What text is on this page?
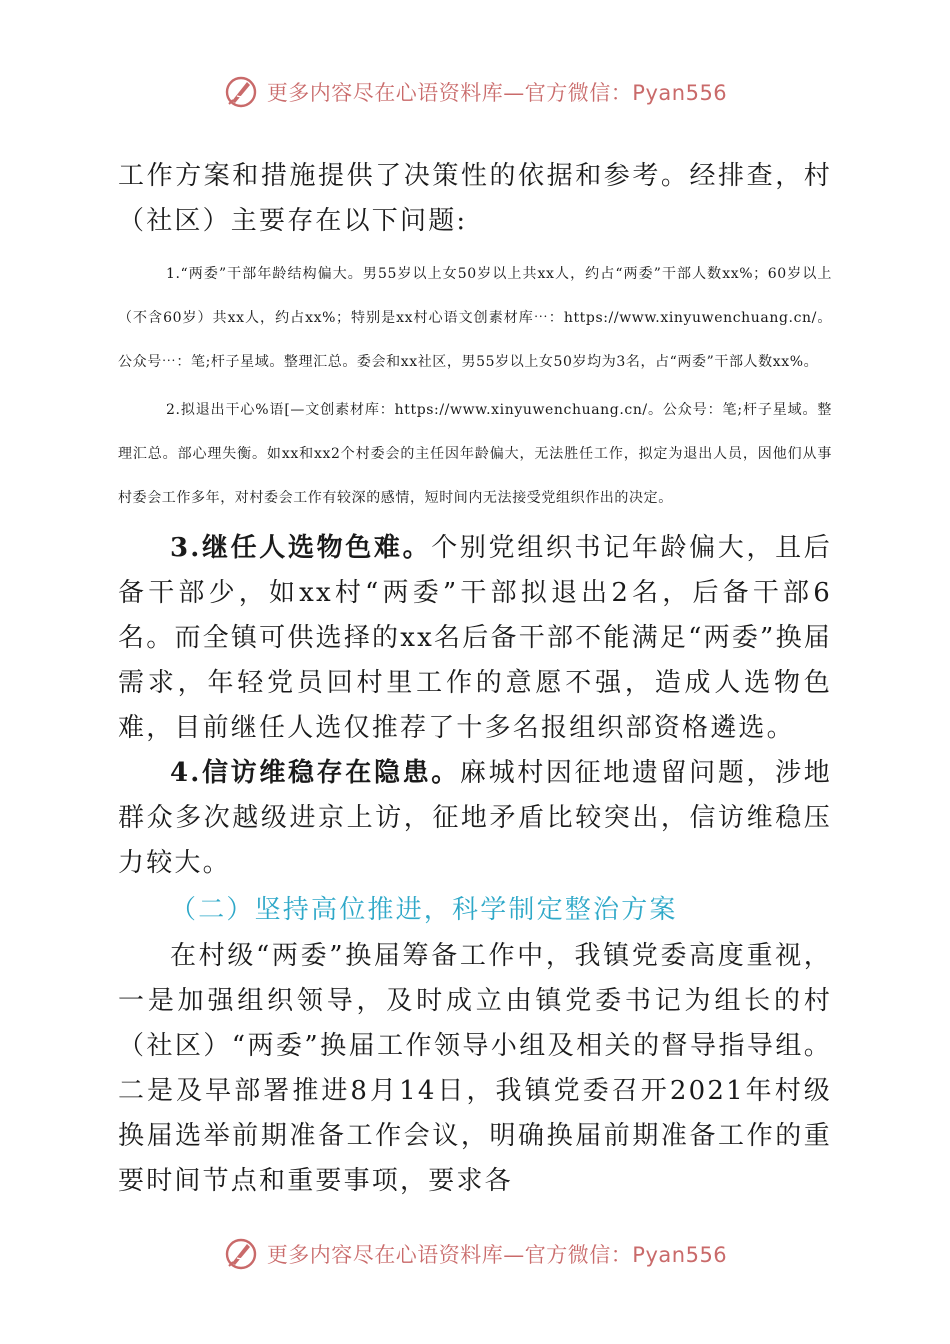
更多内容尽在心语资料库—官方微信：Pyan556

工作方案和措施提供了决策性的依据和参考。经排查，村（社区）主要存在以下问题:

1.“两委”干部年龄结构偏大。男55岁以上女50岁以上共xx人，约占“两委”干部人数xx%；60岁以上（不含60岁）共xx人，约占xx%；特别是xx村心语文创素材库⋯：https://www.xinyuwenchuang.cn/。公众号⋯：笔;杆子星域。整理汇总。委会和xx社区，男55岁以上女50岁均为3名，占“两委”干部人数xx%。

2.拟退出干心%语[—文创素材库：https://www.xinyuwenchuang.cn/。公众号：笔;杆子星域。整理汇总。部心理失衡。如xx和xx2个村委会的主任因年龄偏大，无法胜任工作，拟定为退出人员，因他们从事村委会工作多年，对村委会工作有较深的感情，短时间内无法接受党组织作出的决定。

3.继任人选物色难。个别党组织书记年龄偏大，且后备干部少，如xx村“两委”干部拟退出2名，后备干部6名。而全镇可供选择的xx名后备干部不能满足“两委”换届需求，年轻党员回村里工作的意愿不强，造成人选物色难，目前继任人选仅推荐了十多名报组织部资格遴选。

4.信访维稳存在隐患。麻城村因征地遗留问题，涉地群众多次越级进京上访，征地矛盾比较突出，信访维稳压力较大。

（二）坚持高位推进，科学制定整治方案

在村级“两委”换届筹备工作中，我镇党委高度重视，一是加强组织领导，及时成立由镇党委书记为组长的村（社区）“两委”换届工作领导小组及相关的督导指导组。二是及早部署推进8月14日，我镇党委召开2021年村级换届选举前期准备工作会议，明确换届前期准备工作的重要时间节点和重要事项，要求各

更多内容尽在心语资料库—官方微信：Pyan556
